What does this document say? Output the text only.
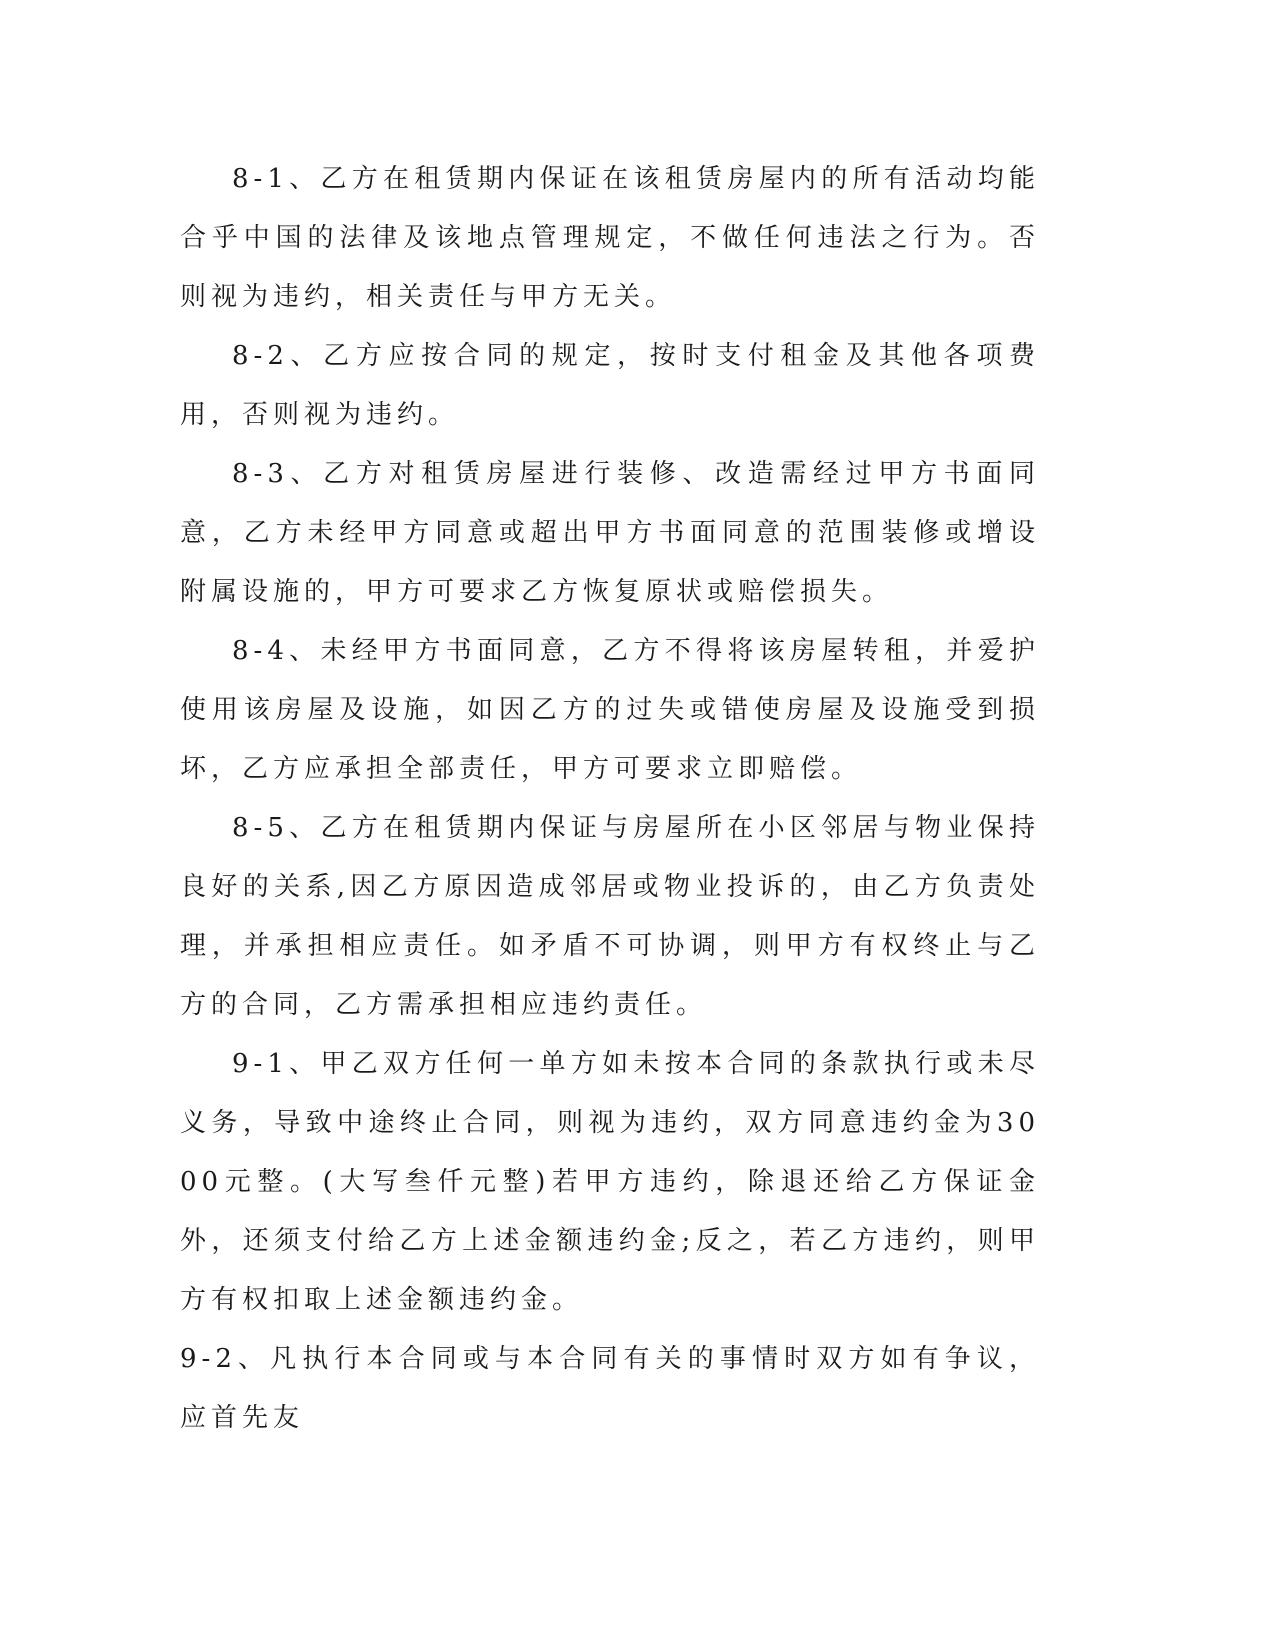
8-1、乙方在租赁期内保证在该租赁房屋内的所有活动均能合乎中国的法律及该地点管理规定，不做任何违法之行为。否则视为违约，相关责任与甲方无关。

8-2、乙方应按合同的规定，按时支付租金及其他各项费用，否则视为违约。

8-3、乙方对租赁房屋进行装修、改造需经过甲方书面同意，乙方未经甲方同意或超出甲方书面同意的范围装修或增设附属设施的，甲方可要求乙方恢复原状或赔偿损失。

8-4、未经甲方书面同意，乙方不得将该房屋转租，并爱护使用该房屋及设施，如因乙方的过失或错使房屋及设施受到损坏，乙方应承担全部责任，甲方可要求立即赔偿。

8-5、乙方在租赁期内保证与房屋所在小区邻居与物业保持良好的关系,因乙方原因造成邻居或物业投诉的，由乙方负责处理，并承担相应责任。如矛盾不可协调，则甲方有权终止与乙方的合同，乙方需承担相应违约责任。

9-1、甲乙双方任何一单方如未按本合同的条款执行或未尽义务，导致中途终止合同，则视为违约，双方同意违约金为3000元整。(大写叁仟元整)若甲方违约，除退还给乙方保证金外，还须支付给乙方上述金额违约金;反之，若乙方违约，则甲方有权扣取上述金额违约金。

9-2、凡执行本合同或与本合同有关的事情时双方如有争议，应首先友
